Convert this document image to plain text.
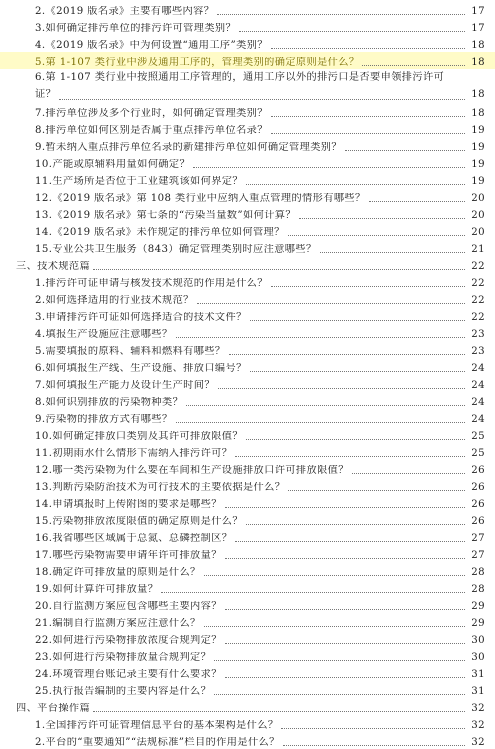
2.《2019 版名录》主要有哪些内容？	17
3.如何确定排污单位的排污许可管理类别？	17
4.《2019 版名录》中为何设置“通用工序”类别？	18
5.第 1-107 类行业中涉及通用工序的，管理类别的确定原则是什么？	18
6.第 1-107 类行业中按照通用工序管理的，通用工序以外的排污口是否要申领排污许可
证？	18
7.排污单位涉及多个行业时，如何确定管理类别？	18
8.排污单位如何区别是否属于重点排污单位名录？	19
9.暂未纳入重点排污单位名录的新建排污单位如何确定管理类别？	19
10.产能或原辅料用量如何确定？	19
11.生产场所是否位于工业建筑该如何界定？	19
12.《2019 版名录》第 108 类行业中应纳入重点管理的情形有哪些？	20
13.《2019 版名录》第七条的“污染当量数”如何计算？	20
14.《2019 版名录》未作规定的排污单位如何管理？	20
15.专业公共卫生服务（843）确定管理类别时应注意哪些？	21
三、技术规范篇	22
1.排污许可证申请与核发技术规范的作用是什么？	22
2.如何选择适用的行业技术规范？	22
3.申请排污许可证如何选择适合的技术文件？	22
4.填报生产设施应注意哪些？	23
5.需要填报的原料、辅料和燃料有哪些？	23
6.如何填报生产线、生产设施、排放口编号？	24
7.如何填报生产能力及设计生产时间？	24
8.如何识别排放的污染物种类？	24
9.污染物的排放方式有哪些？	24
10.如何确定排放口类别及其许可排放限值？	25
11.初期雨水什么情形下需纳入排污许可？	25
12.哪一类污染物为什么要在车间和生产设施排放口许可排放限值？	26
13.判断污染防治技术为可行技术的主要依据是什么？	26
14.申请填报时上传附图的要求是哪些？	26
15.污染物排放浓度限值的确定原则是什么？	26
16.我省哪些区域属于总氮、总磷控制区？	27
17.哪些污染物需要申请年许可排放量？	27
18.确定许可排放量的原则是什么？	28
19.如何计算许可排放量？	28
20.自行监测方案应包含哪些主要内容？	29
21.编制自行监测方案应注意什么？	29
22.如何进行污染物排放浓度合规判定？	30
23.如何进行污染物排放量合规判定？	30
24.环境管理台账记录主要有什么要求？	31
25.执行报告编制的主要内容是什么？	31
四、平台操作篇	32
1.全国排污许可证管理信息平台的基本架构是什么？	32
2.平台的“重要通知”“法规标准”栏目的作用是什么？	32
